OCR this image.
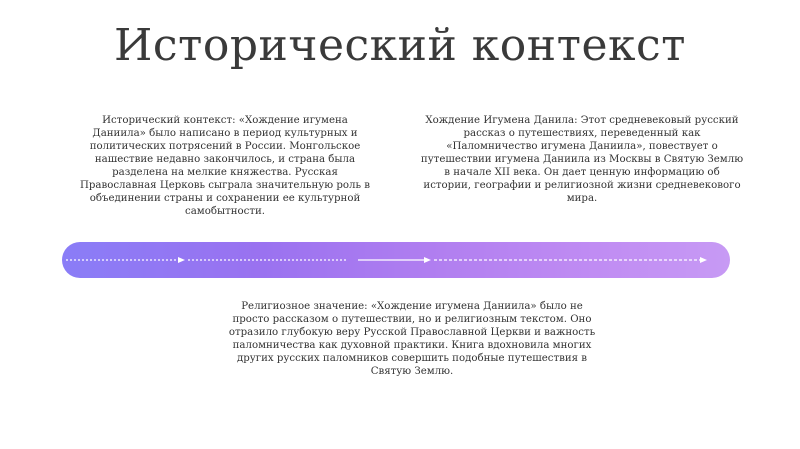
Исторический контекст
Исторический контекст: «Хождение игумена Даниила» было написано в период культурных и политических потрясений в России. Монгольское нашествие недавно закончилось, и страна была разделена на мелкие княжества. Русская Православная Церковь сыграла значительную роль в объединении страны и сохранении ее культурной самобытности.
Хождение Игумена Данила: Этот средневековый русский рассказ о путешествиях, переведенный как «Паломничество игумена Даниила», повествует о путешествии игумена Даниила из Москвы в Святую Землю в начале XII века. Он дает ценную информацию об истории, географии и религиозной жизни средневекового мира.
Религиозное значение: «Хождение игумена Даниила» было не просто рассказом о путешествии, но и религиозным текстом. Оно отразило глубокую веру Русской Православной Церкви и важность паломничества как духовной практики. Книга вдохновила многих других русских паломников совершить подобные путешествия в Святую Землю.
